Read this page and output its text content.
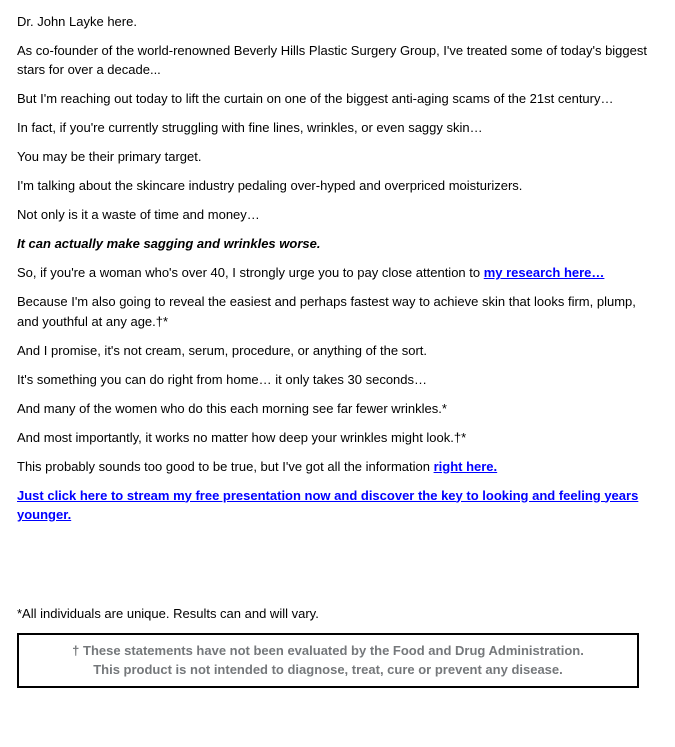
Dr. John Layke here.

As co-founder of the world-renowned Beverly Hills Plastic Surgery Group, I've treated some of today's biggest stars for over a decade...

But I'm reaching out today to lift the curtain on one of the biggest anti-aging scams of the 21st century…

In fact, if you're currently struggling with fine lines, wrinkles, or even saggy skin…

You may be their primary target.

I'm talking about the skincare industry pedaling over-hyped and overpriced moisturizers.

Not only is it a waste of time and money…

It can actually make sagging and wrinkles worse.

So, if you're a woman who's over 40, I strongly urge you to pay close attention to my research here…

Because I'm also going to reveal the easiest and perhaps fastest way to achieve skin that looks firm, plump, and youthful at any age.†*

And I promise, it's not cream, serum, procedure, or anything of the sort.

It's something you can do right from home… it only takes 30 seconds…

And many of the women who do this each morning see far fewer wrinkles.*

And most importantly, it works no matter how deep your wrinkles might look.†*

This probably sounds too good to be true, but I've got all the information right here.

Just click here to stream my free presentation now and discover the key to looking and feeling years younger.

*All individuals are unique. Results can and will vary.

† These statements have not been evaluated by the Food and Drug Administration.
This product is not intended to diagnose, treat, cure or prevent any disease.
